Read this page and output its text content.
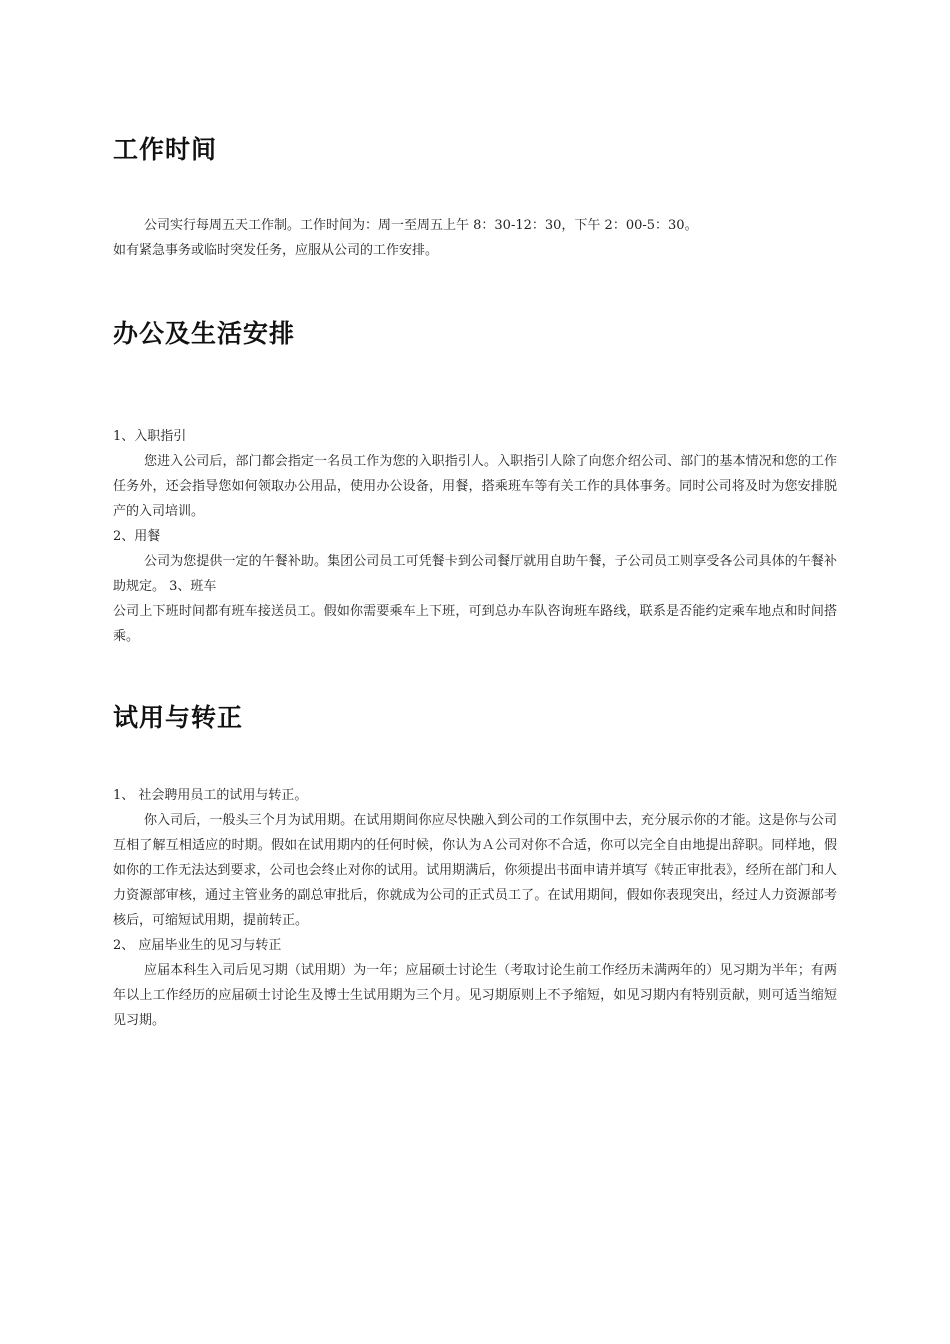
工作时间

公司实行每周五天工作制。工作时间为：周一至周五上午 8：30-12：30，下午 2：00-5：30。

如有紧急事务或临时突发任务，应服从公司的工作安排。

办公及生活安排

1、入职指引

您进入公司后，部门都会指定一名员工作为您的入职指引人。入职指引人除了向您介绍公司、部门的基本情况和您的工作任务外，还会指导您如何领取办公用品，使用办公设备，用餐，搭乘班车等有关工作的具体事务。同时公司将及时为您安排脱产的入司培训。

2、用餐

公司为您提供一定的午餐补助。集团公司员工可凭餐卡到公司餐厅就用自助午餐，子公司员工则享受各公司具体的午餐补助规定。 3、班车

公司上下班时间都有班车接送员工。假如你需要乘车上下班，可到总办车队咨询班车路线，联系是否能约定乘车地点和时间搭乘。

试用与转正

1、 社会聘用员工的试用与转正。

你入司后，一般头三个月为试用期。在试用期间你应尽快融入到公司的工作氛围中去，充分展示你的才能。这是你与公司互相了解互相适应的时期。假如在试用期内的任何时候，你认为Ａ公司对你不合适，你可以完全自由地提出辞职。同样地，假如你的工作无法达到要求，公司也会终止对你的试用。试用期满后，你须提出书面申请并填写《转正审批表》，经所在部门和人力资源部审核，通过主管业务的副总审批后，你就成为公司的正式员工了。在试用期间，假如你表现突出，经过人力资源部考核后，可缩短试用期，提前转正。

2、 应届毕业生的见习与转正

应届本科生入司后见习期（试用期）为一年；应届硕士讨论生（考取讨论生前工作经历未满两年的）见习期为半年；有两年以上工作经历的应届硕士讨论生及博士生试用期为三个月。见习期原则上不予缩短，如见习期内有特别贡献，则可适当缩短见习期。
